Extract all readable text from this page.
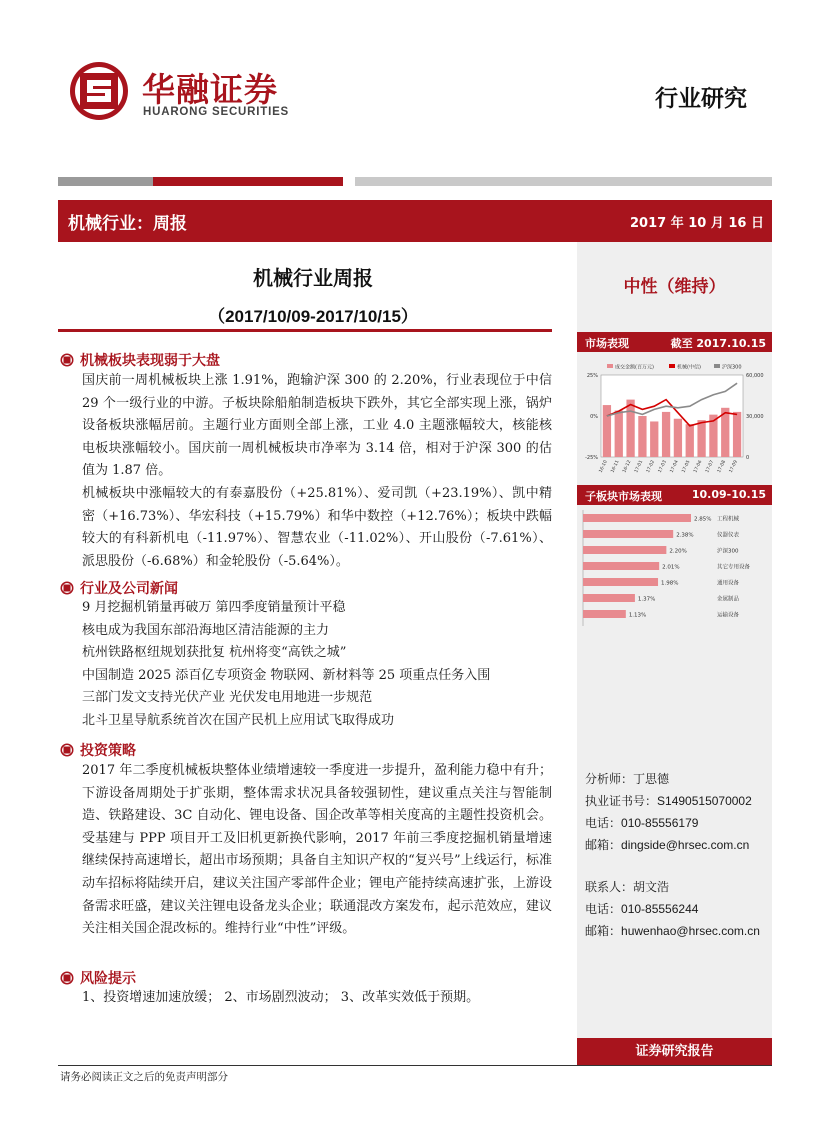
华融证券
HUARONG SECURITIES	行业研究
机械行业：周报	2017 年 10 月 16 日
中性（维持）
机械行业周报
（2017/10/09-2017/10/15）
机械板块表现弱于大盘
国庆前一周机械板块上涨 1.91%，跑输沪深 300 的 2.20%，行业表现位于中信 29 个一级行业的中游。子板块除船舶制造板块下跌外，其它全部实现上涨，锅炉设备板块涨幅居前。主题行业方面则全部上涨，工业 4.0 主题涨幅较大，核能核电板块涨幅较小。国庆前一周机械板块市净率为 3.14 倍，相对于沪深 300 的估值为 1.87 倍。
机械板块中涨幅较大的有泰嘉股份（+25.81%）、爱司凯（+23.19%）、凯中精密（+16.73%）、华宏科技（+15.79%）和华中数控（+12.76%）；板块中跌幅较大的有科新机电（-11.97%）、智慧农业（-11.02%）、开山股份（-7.61%）、派思股份（-6.68%）和金轮股份（-5.64%）。
行业及公司新闻
9 月挖掘机销量再破万 第四季度销量预计平稳
核电成为我国东部沿海地区清洁能源的主力
杭州铁路枢纽规划获批复 杭州将变“高铁之城”
中国制造 2025 添百亿专项资金 物联网、新材料等 25 项重点任务入围
三部门发文支持光伏产业 光伏发电用地进一步规范
北斗卫星导航系统首次在国产民机上应用试飞取得成功
投资策略
2017 年二季度机械板块整体业绩增速较一季度进一步提升，盈利能力稳中有升；下游设备周期处于扩张期，整体需求状况具备较强韧性，建议重点关注与智能制造、铁路建设、3C 自动化、锂电设备、国企改革等相关度高的主题性投资机会。受基建与 PPP 项目开工及旧机更新换代影响，2017 年前三季度挖掘机销量增速继续保持高速增长，超出市场预期；具备自主知识产权的“复兴号”上线运行，标准动车招标将陆续开启，建议关注国产零部件企业；锂电产能持续高速扩张，上游设备需求旺盛，建议关注锂电设备龙头企业；联通混改方案发布，起示范效应，建议关注相关国企混改标的。维持行业“中性”评级。
风险提示
1、投资增速加速放缓； 2、市场剧烈波动； 3、改革实效低于预期。
市场表现	截至 2017.10.15
成交金额(百万元)	机械(中信)	沪深300
25%
0%
-25%
60,000
30,000
0
16-10 16-11 16-12 17-01 17-02 17-03 17-04 17-05 17-06 17-07 17-08 17-09
子板块市场表现	10.09-10.15
2.85% 工程机械
2.38%	仪器仪表
2.20%	沪深300
2.01%	其它专用设备
1.98%	通用设备
1.37%	金属制品
1.13%	运输设备
分析师：丁思德
执业证书号：S1490515070002
电话：010-85556179
邮箱：dingside@hrsec.com.cn
联系人：胡文浩
电话：010-85556244
邮箱：huwenhao@hrsec.com.cn
证券研究报告
请务必阅读正文之后的免责声明部分
